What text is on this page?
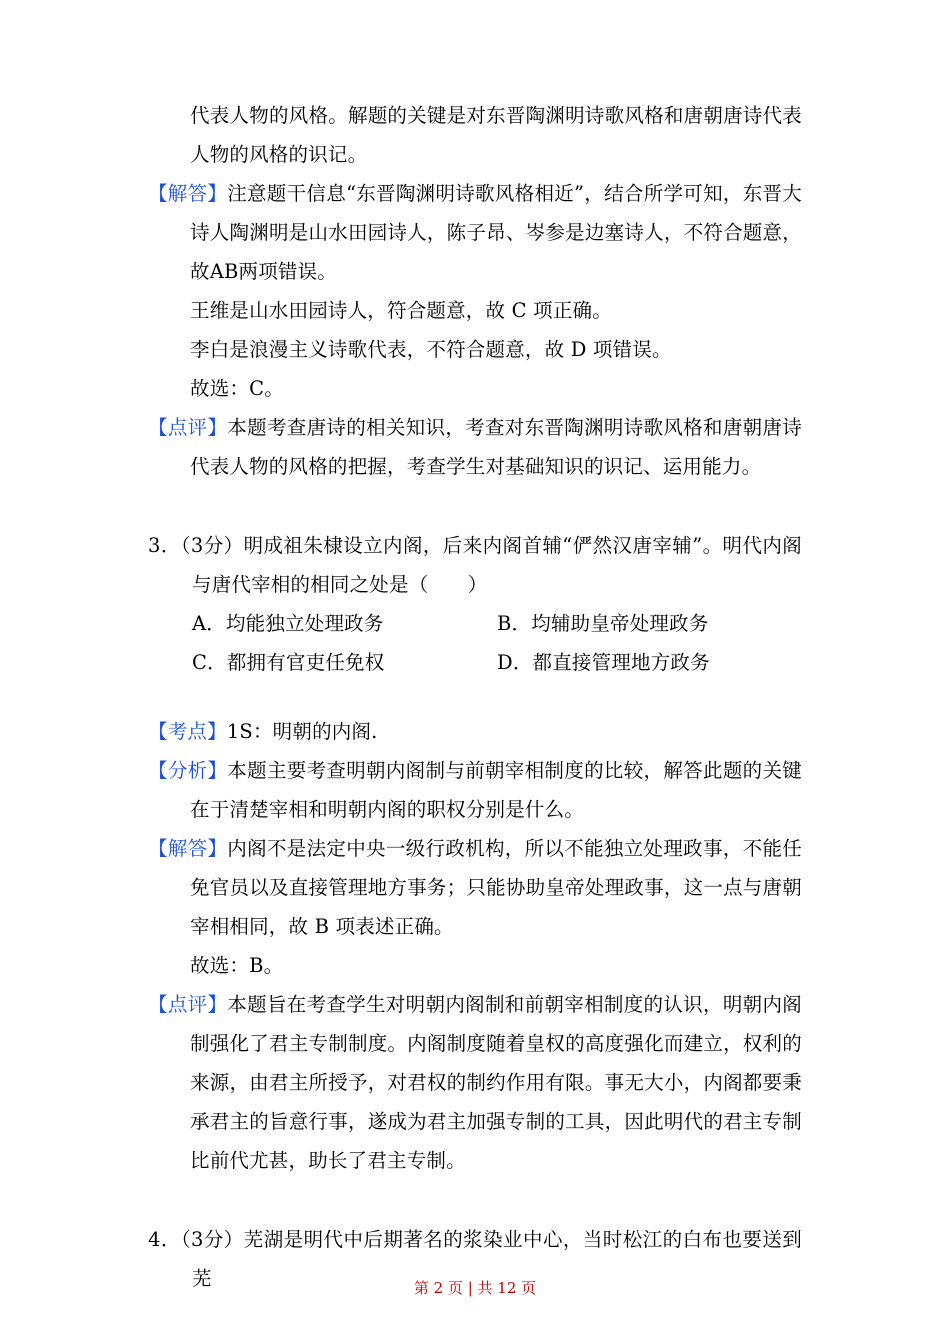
代表人物的风格。解题的关键是对东晋陶渊明诗歌风格和唐朝唐诗代表人物的风格的识记。

【解答】注意题干信息“东晋陶渊明诗歌风格相近”，结合所学可知，东晋大诗人陶渊明是山水田园诗人，陈子昂、岑参是边塞诗人，不符合题意，故AB两项错误。

王维是山水田园诗人，符合题意，故 C 项正确。

李白是浪漫主义诗歌代表，不符合题意，故 D 项错误。

故选：C。

【点评】本题考查唐诗的相关知识，考查对东晋陶渊明诗歌风格和唐朝唐诗代表人物的风格的把握，考查学生对基础知识的识记、运用能力。

3．（3分）明成祖朱棣设立内阁，后来内阁首辅“俨然汉唐宰辅”。明代内阁与唐代宰相的相同之处是（　　）

A．均能独立处理政务	B．均辅助皇帝处理政务
C．都拥有官吏任免权	D．都直接管理地方政务

【考点】1S：明朝的内阁.

【分析】本题主要考查明朝内阁制与前朝宰相制度的比较，解答此题的关键在于清楚宰相和明朝内阁的职权分别是什么。

【解答】内阁不是法定中央一级行政机构，所以不能独立处理政事，不能任免官员以及直接管理地方事务；只能协助皇帝处理政事，这一点与唐朝宰相相同，故 B 项表述正确。

故选：B。

【点评】本题旨在考查学生对明朝内阁制和前朝宰相制度的认识，明朝内阁制强化了君主专制制度。内阁制度随着皇权的高度强化而建立，权利的来源，由君主所授予，对君权的制约作用有限。事无大小，内阁都要秉承君主的旨意行事，遂成为君主加强专制的工具，因此明代的君主专制比前代尤甚，助长了君主专制。

4．（3分）芜湖是明代中后期著名的浆染业中心，当时松江的白布也要送到芜	第 2 页 | 共 12 页
